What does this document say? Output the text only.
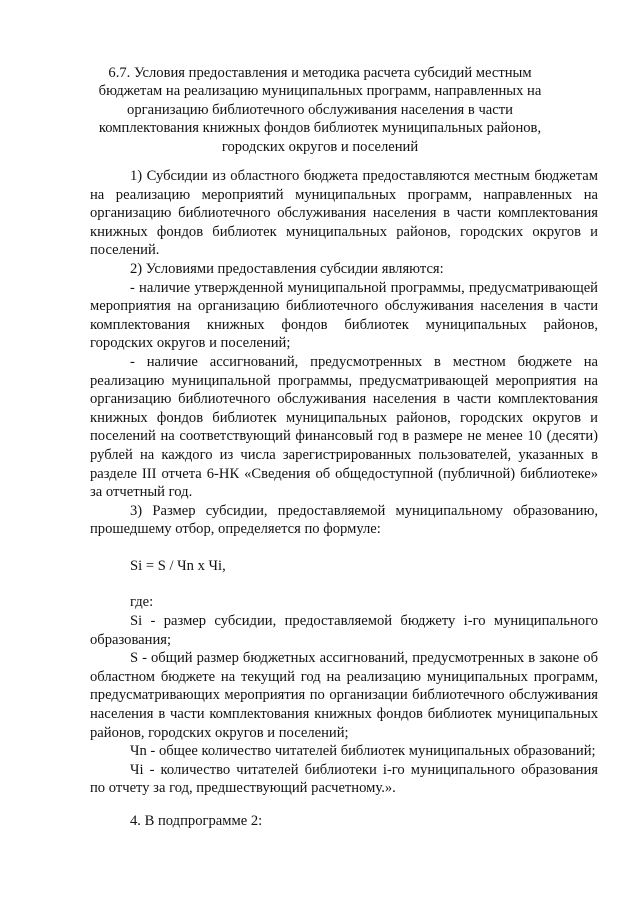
6.7. Условия предоставления и методика расчета субсидий местным бюджетам на реализацию муниципальных программ, направленных на организацию библиотечного обслуживания населения в части комплектования книжных фондов библиотек муниципальных районов, городских округов и поселений

1) Субсидии из областного бюджета предоставляются местным бюджетам на реализацию мероприятий муниципальных программ, направленных на организацию библиотечного обслуживания населения в части комплектования книжных фондов библиотек муниципальных районов, городских округов и поселений.

2) Условиями предоставления субсидии являются:

- наличие утвержденной муниципальной программы, предусматривающей мероприятия на организацию библиотечного обслуживания населения в части комплектования книжных фондов библиотек муниципальных районов, городских округов и поселений;

- наличие ассигнований, предусмотренных в местном бюджете на реализацию муниципальной программы, предусматривающей мероприятия на организацию библиотечного обслуживания населения в части комплектования книжных фондов библиотек муниципальных районов, городских округов и поселений на соответствующий финансовый год в размере не менее 10 (десяти) рублей на каждого из числа зарегистрированных пользователей, указанных в разделе III отчета 6-НК «Сведения об общедоступной (публичной) библиотеке» за отчетный год.

3) Размер субсидии, предоставляемой муниципальному образованию, прошедшему отбор, определяется по формуле:

Si = S / Чn x Чi,

где:

Si - размер субсидии, предоставляемой бюджету i-го муниципального образования;

S - общий размер бюджетных ассигнований, предусмотренных в законе об областном бюджете на текущий год на реализацию муниципальных программ, предусматривающих мероприятия по организации библиотечного обслуживания населения в части комплектования книжных фондов библиотек муниципальных районов, городских округов и поселений;

Чn - общее количество читателей библиотек муниципальных образований;

Чi - количество читателей библиотеки i-го муниципального образования по отчету за год, предшествующий расчетному.».

4. В подпрограмме 2:
